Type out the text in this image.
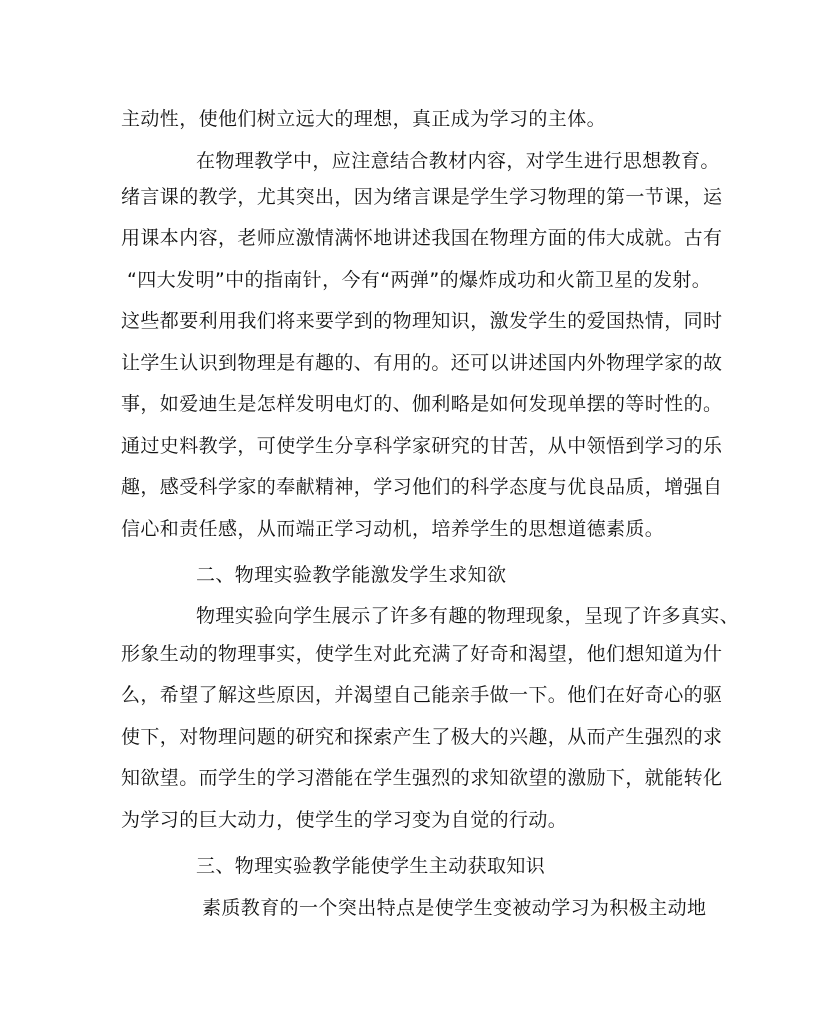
主动性，使他们树立远大的理想，真正成为学习的主体。
在物理教学中，应注意结合教材内容，对学生进行思想教育。
绪言课的教学，尤其突出，因为绪言课是学生学习物理的第一节课，运
用课本内容，老师应激情满怀地讲述我国在物理方面的伟大成就。古有
“四大发明”中的指南针，今有“两弹”的爆炸成功和火箭卫星的发射。
这些都要利用我们将来要学到的物理知识，激发学生的爱国热情，同时
让学生认识到物理是有趣的、有用的。还可以讲述国内外物理学家的故
事，如爱迪生是怎样发明电灯的、伽利略是如何发现单摆的等时性的。
通过史料教学，可使学生分享科学家研究的甘苦，从中领悟到学习的乐
趣，感受科学家的奉献精神，学习他们的科学态度与优良品质，增强自
信心和责任感，从而端正学习动机，培养学生的思想道德素质。
二、物理实验教学能激发学生求知欲
物理实验向学生展示了许多有趣的物理现象，呈现了许多真实、
形象生动的物理事实，使学生对此充满了好奇和渴望，他们想知道为什
么，希望了解这些原因，并渴望自己能亲手做一下。他们在好奇心的驱
使下，对物理问题的研究和探索产生了极大的兴趣，从而产生强烈的求
知欲望。而学生的学习潜能在学生强烈的求知欲望的激励下，就能转化
为学习的巨大动力，使学生的学习变为自觉的行动。
三、物理实验教学能使学生主动获取知识
素质教育的一个突出特点是使学生变被动学习为积极主动地
